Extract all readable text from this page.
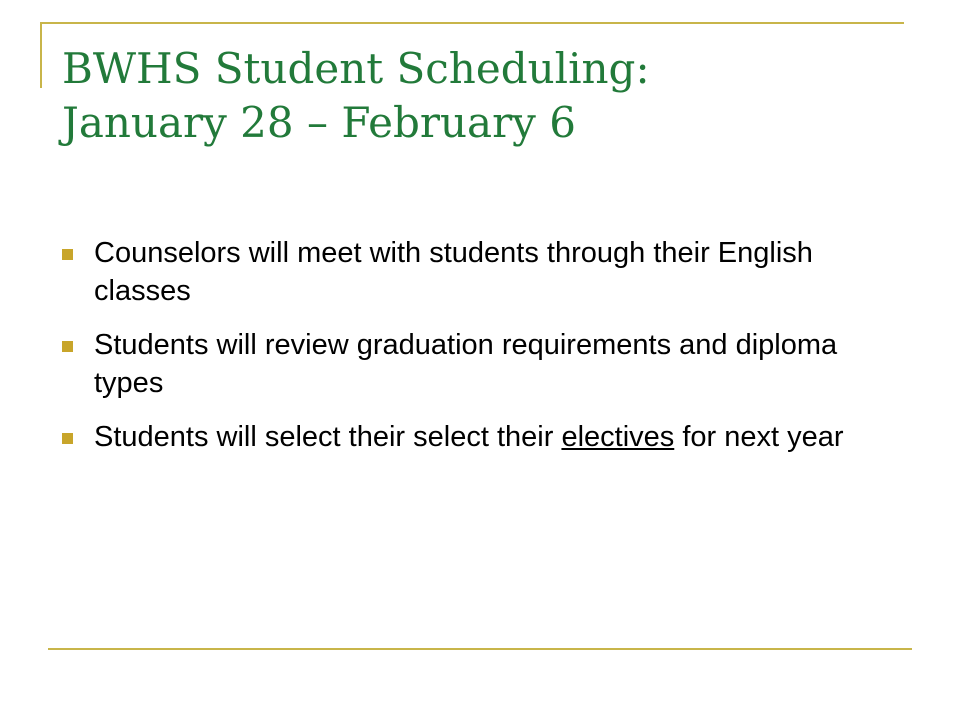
BWHS Student Scheduling:
January 28 – February 6
Counselors will meet with students through their English classes
Students will review graduation requirements and diploma types
Students will select their select their electives for next year
